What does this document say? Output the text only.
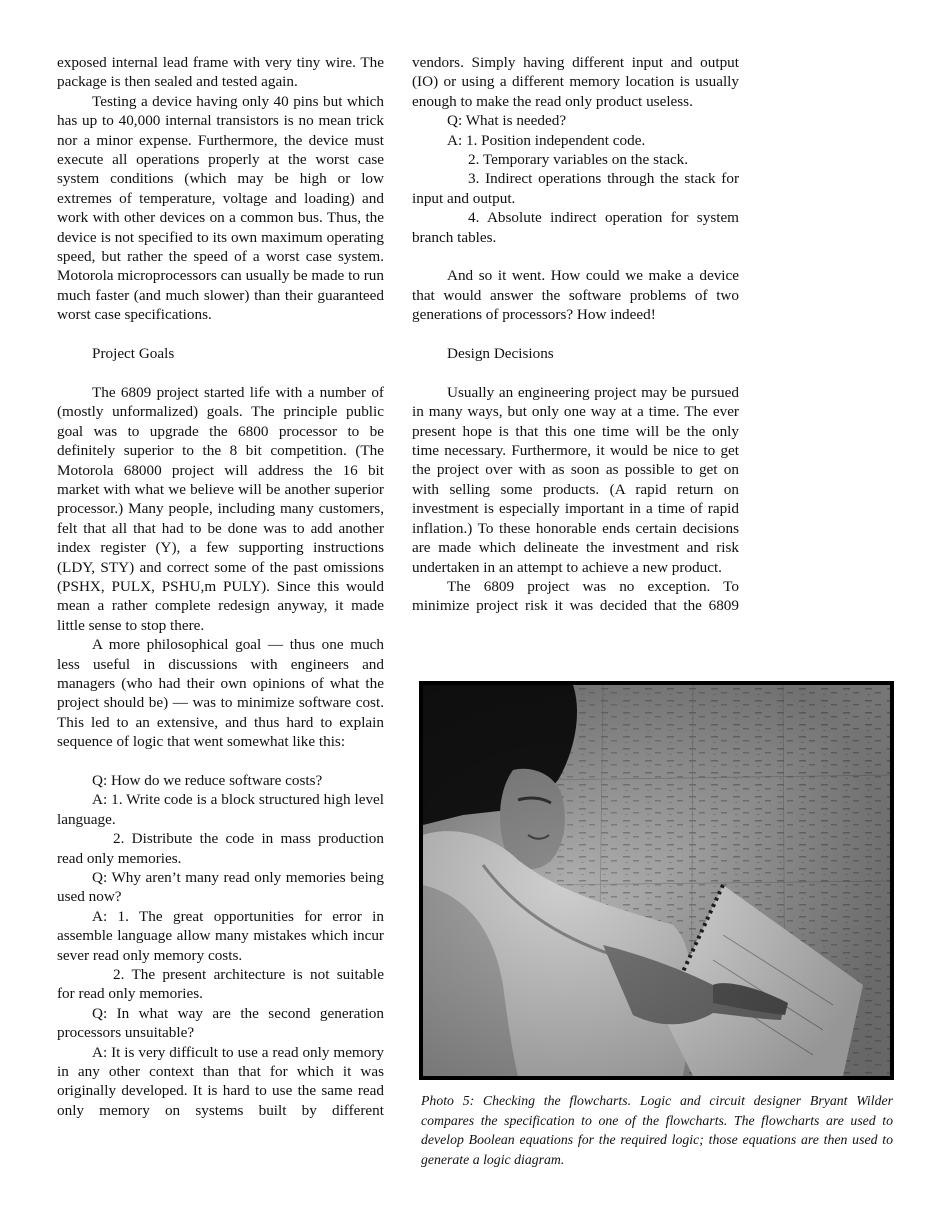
exposed internal lead frame with very tiny wire. The package is then sealed and tested again.

Testing a device having only 40 pins but which has up to 40,000 internal transistors is no mean trick nor a minor expense. Furthermore, the device must execute all operations properly at the worst case system conditions (which may be high or low extremes of temperature, voltage and loading) and work with other devices on a common bus. Thus, the device is not specified to its own maximum operating speed, but rather the speed of a worst case system. Motorola microprocessors can usually be made to run much faster (and much slower) than their guaranteed worst case specifications.

Project Goals

The 6809 project started life with a number of (mostly unformalized) goals. The principle public goal was to upgrade the 6800 processor to be definitely superior to the 8 bit competition. (The Motorola 68000 project will address the 16 bit market with what we believe will be another superior processor.) Many people, including many customers, felt that all that had to be done was to add another index register (Y), a few supporting instructions (LDY, STY) and correct some of the past omissions (PSHX, PULX, PSHU,m PULY). Since this would mean a rather complete redesign anyway, it made little sense to stop there.

A more philosophical goal — thus one much less useful in discussions with engineers and managers (who had their own opinions of what the project should be) — was to minimize software cost. This led to an extensive, and thus hard to explain sequence of logic that went somewhat like this:

Q: How do we reduce software costs?

A: 1. Write code is a block structured high level language.

2. Distribute the code in mass production read only memories.

Q: Why aren’t many read only memories being used now?

A: 1. The great opportunities for error in assemble language allow many mistakes which incur sever read only memory costs.

2. The present architecture is not suitable for read only memories.

Q: In what way are the second generation processors unsuitable?

A: It is very difficult to use a read only memory in any other context than that for which it was originally developed. It is hard to use the same read only memory on systems built by different

vendors. Simply having different input and output (IO) or using a different memory location is usually enough to make the read only product useless.

Q: What is needed?

A: 1. Position independent code.

2. Temporary variables on the stack.

3. Indirect operations through the stack for input and output.

4. Absolute indirect operation for system branch tables.

And so it went. How could we make a device that would answer the software problems of two generations of processors? How indeed!

Design Decisions

Usually an engineering project may be pursued in many ways, but only one way at a time. The ever present hope is that this one time will be the only time necessary. Furthermore, it would be nice to get the project over with as soon as possible to get on with selling some products. (A rapid return on investment is especially important in a time of rapid inflation.) To these honorable ends certain decisions are made which delineate the investment and risk undertaken in an attempt to achieve a new product.

The 6809 project was no exception. To minimize project risk it was decided that the 6809

Photo 5: Checking the flowcharts. Logic and circuit designer Bryant Wilder compares the specification to one of the flowcharts. The flowcharts are used to develop Boolean equations for the required logic; those equations are then used to generate a logic diagram.
